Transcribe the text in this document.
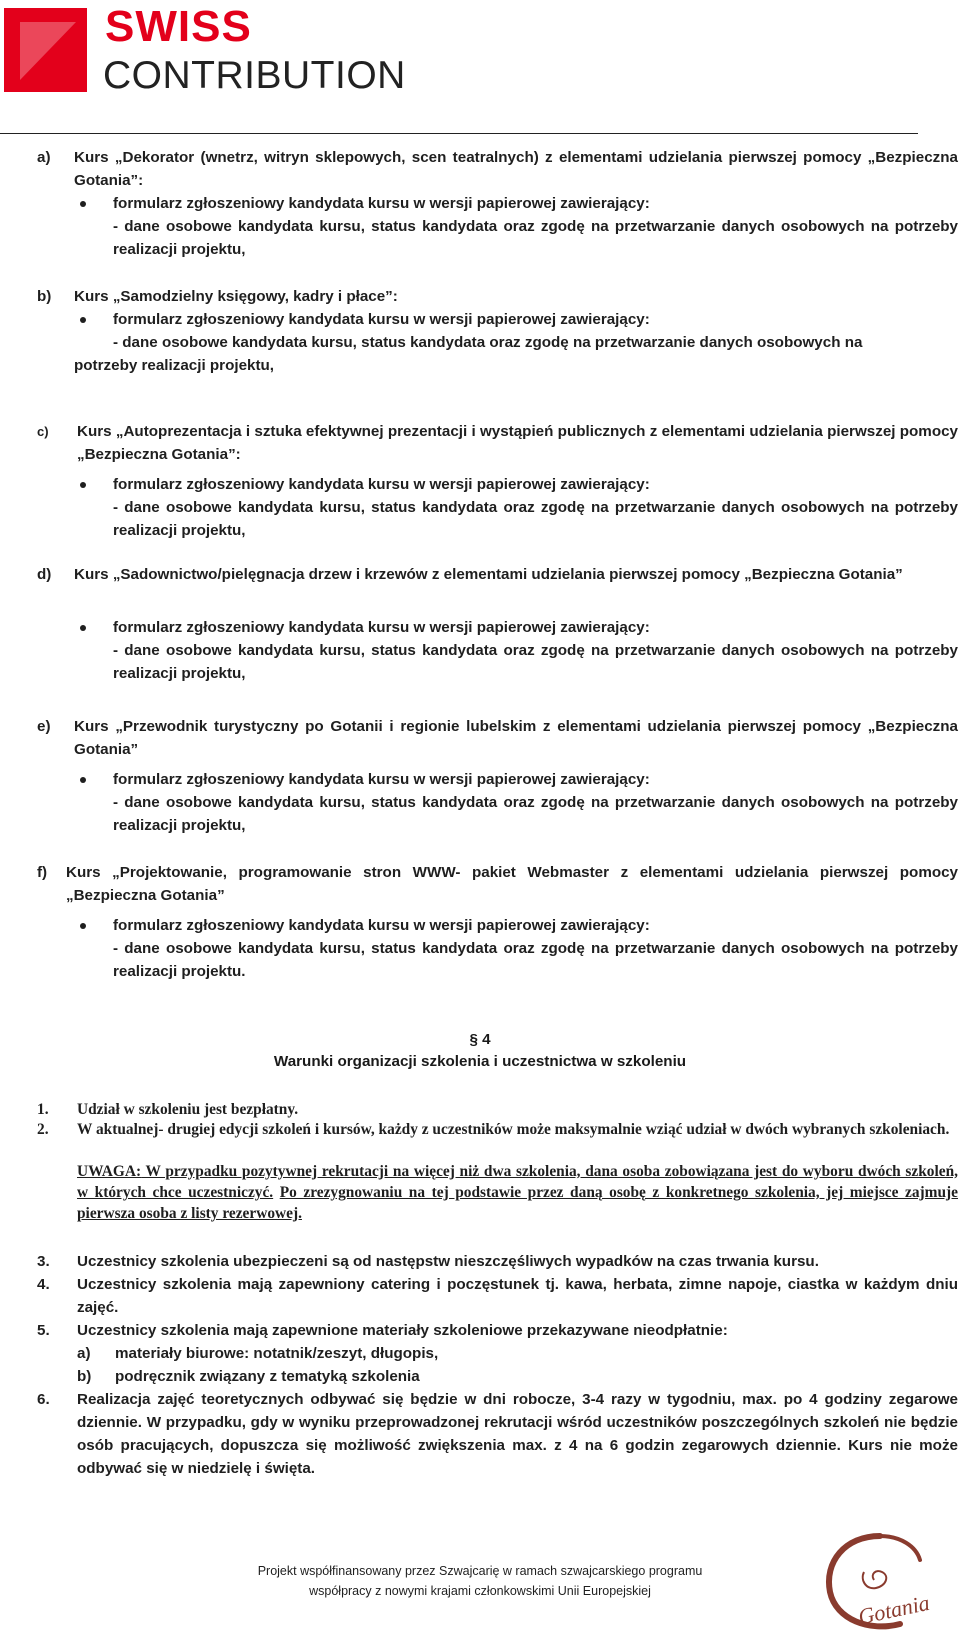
SWISS
CONTRIBUTION
a) Kurs „Dekorator (wnetrz, witryn sklepowych, scen teatralnych) z elementami udzielania pierwszej pomocy „Bezpieczna Gotania”:
formularz zgłoszeniowy kandydata kursu w wersji papierowej zawierający:
- dane osobowe kandydata kursu, status kandydata oraz zgodę na przetwarzanie danych osobowych na potrzeby realizacji projektu,
b) Kurs „Samodzielny księgowy, kadry i płace”:
formularz zgłoszeniowy kandydata kursu w wersji papierowej zawierający:
- dane osobowe kandydata kursu, status kandydata oraz zgodę na przetwarzanie danych osobowych na
potrzeby realizacji projektu,
c) Kurs „Autoprezentacja i sztuka efektywnej prezentacji i wystąpień publicznych z elementami udzielania pierwszej pomocy „Bezpieczna Gotania”:
formularz zgłoszeniowy kandydata kursu w wersji papierowej zawierający:
- dane osobowe kandydata kursu, status kandydata oraz zgodę na przetwarzanie danych osobowych na potrzeby realizacji projektu,
d) Kurs „Sadownictwo/pielęgnacja drzew i krzewów z elementami udzielania pierwszej pomocy „Bezpieczna Gotania”
formularz zgłoszeniowy kandydata kursu w wersji papierowej zawierający:
- dane osobowe kandydata kursu, status kandydata oraz zgodę na przetwarzanie danych osobowych na potrzeby realizacji projektu,
e) Kurs „Przewodnik turystyczny po Gotanii i regionie lubelskim z elementami udzielania pierwszej pomocy „Bezpieczna Gotania”
formularz zgłoszeniowy kandydata kursu w wersji papierowej zawierający:
- dane osobowe kandydata kursu, status kandydata oraz zgodę na przetwarzanie danych osobowych na potrzeby realizacji projektu,
f) Kurs „Projektowanie, programowanie stron WWW- pakiet Webmaster z elementami udzielania pierwszej pomocy „Bezpieczna Gotania”
formularz zgłoszeniowy kandydata kursu w wersji papierowej zawierający:
- dane osobowe kandydata kursu, status kandydata oraz zgodę na przetwarzanie danych osobowych na potrzeby realizacji projektu.
§ 4
Warunki organizacji szkolenia i uczestnictwa w szkoleniu
1. Udział w szkoleniu jest bezpłatny.
2. W aktualnej- drugiej edycji szkoleń i kursów, każdy z uczestników może maksymalnie wziąć udział w dwóch wybranych szkoleniach.
UWAGA: W przypadku pozytywnej rekrutacji na więcej niż dwa szkolenia, dana osoba zobowiązana jest do wyboru dwóch szkoleń, w których chce uczestniczyć. Po zrezygnowaniu na tej podstawie przez daną osobę z konkretnego szkolenia, jej miejsce zajmuje pierwsza osoba z listy rezerwowej.
3. Uczestnicy szkolenia ubezpieczeni są od następstw nieszczęśliwych wypadków na czas trwania kursu.
4. Uczestnicy szkolenia mają zapewniony catering i poczęstunek tj. kawa, herbata, zimne napoje, ciastka w każdym dniu zajęć.
5. Uczestnicy szkolenia mają zapewnione materiały szkoleniowe przekazywane nieodpłatnie:
a) materiały biurowe: notatnik/zeszyt, długopis,
b) podręcznik związany z tematyką szkolenia
6. Realizacja zajęć teoretycznych odbywać się będzie w dni robocze, 3-4 razy w tygodniu, max. po 4 godziny zegarowe dziennie. W przypadku, gdy w wyniku przeprowadzonej rekrutacji wśród uczestników poszczególnych szkoleń nie będzie osób pracujących, dopuszcza się możliwość zwiększenia max. z 4 na 6 godzin zegarowych dziennie. Kurs nie może odbywać się w niedzielę i święta.
Projekt współfinansowany przez Szwajcarię w ramach szwajcarskiego programu
współpracy z nowymi krajami członkowskimi Unii Europejskiej	Gotania
